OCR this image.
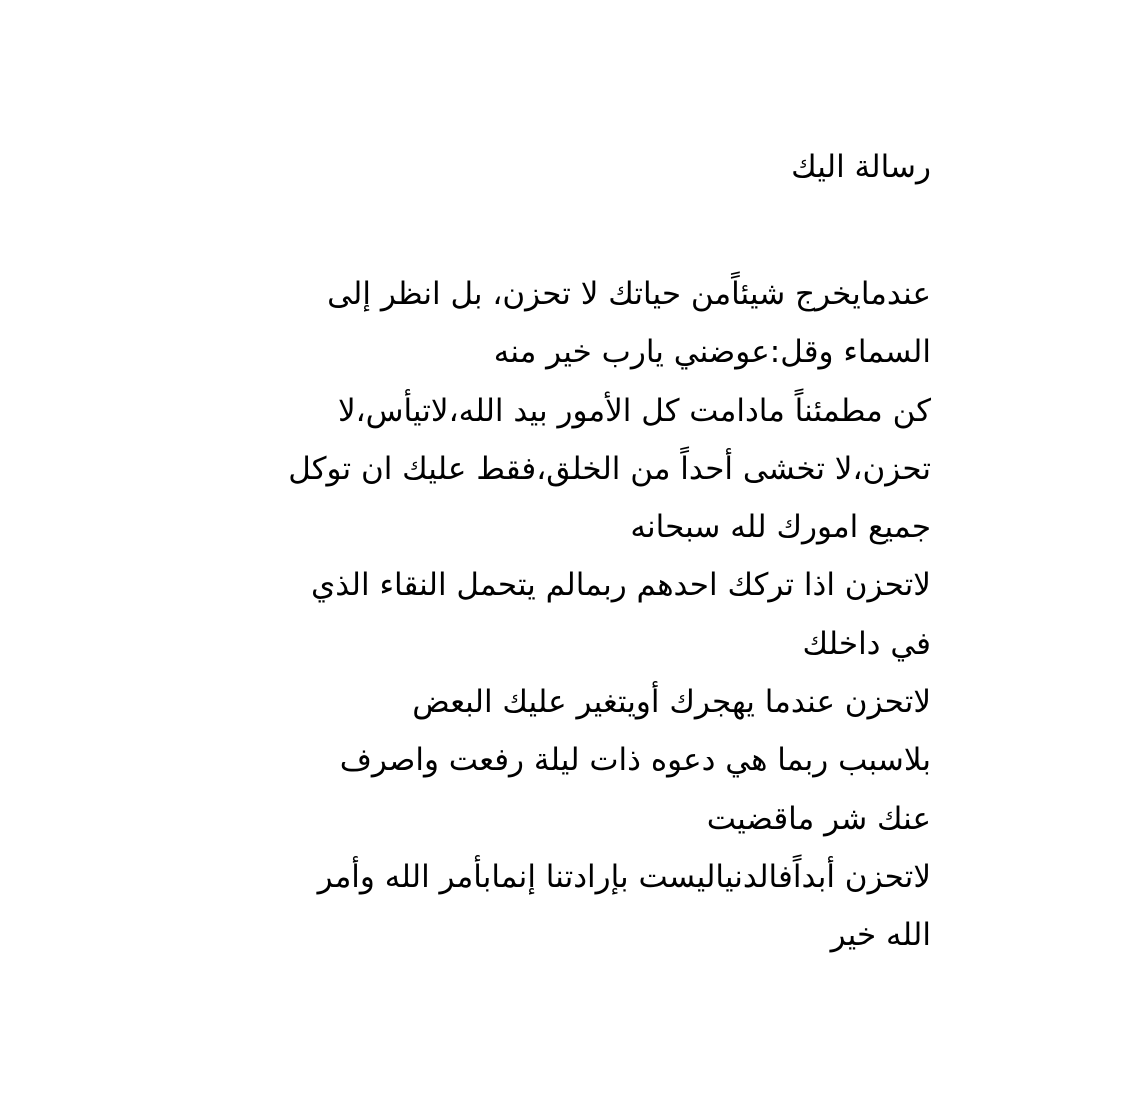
رسالة اليك
عندمايخرج شيئاًمن حياتك لا تحزن، بل انظر إلى
السماء وقل:عوضني يارب خير منه
كن مطمئناً مادامت كل الأمور بيد الله،لاتيأس،لا
تحزن،لا تخشى أحداً من الخلق،فقط عليك ان توكل
جميع امورك لله سبحانه
لاتحزن اذا تركك احدهم ربمالم يتحمل النقاء الذي
في داخلك
لاتحزن عندما يهجرك أويتغير عليك البعض
بلاسبب ربما هي دعوه ذات ليلة رفعت واصرف
عنك شر ماقضيت
لاتحزن أبداًفالدنياليست بإرادتنا إنمابأمر الله وأمر
الله خير
